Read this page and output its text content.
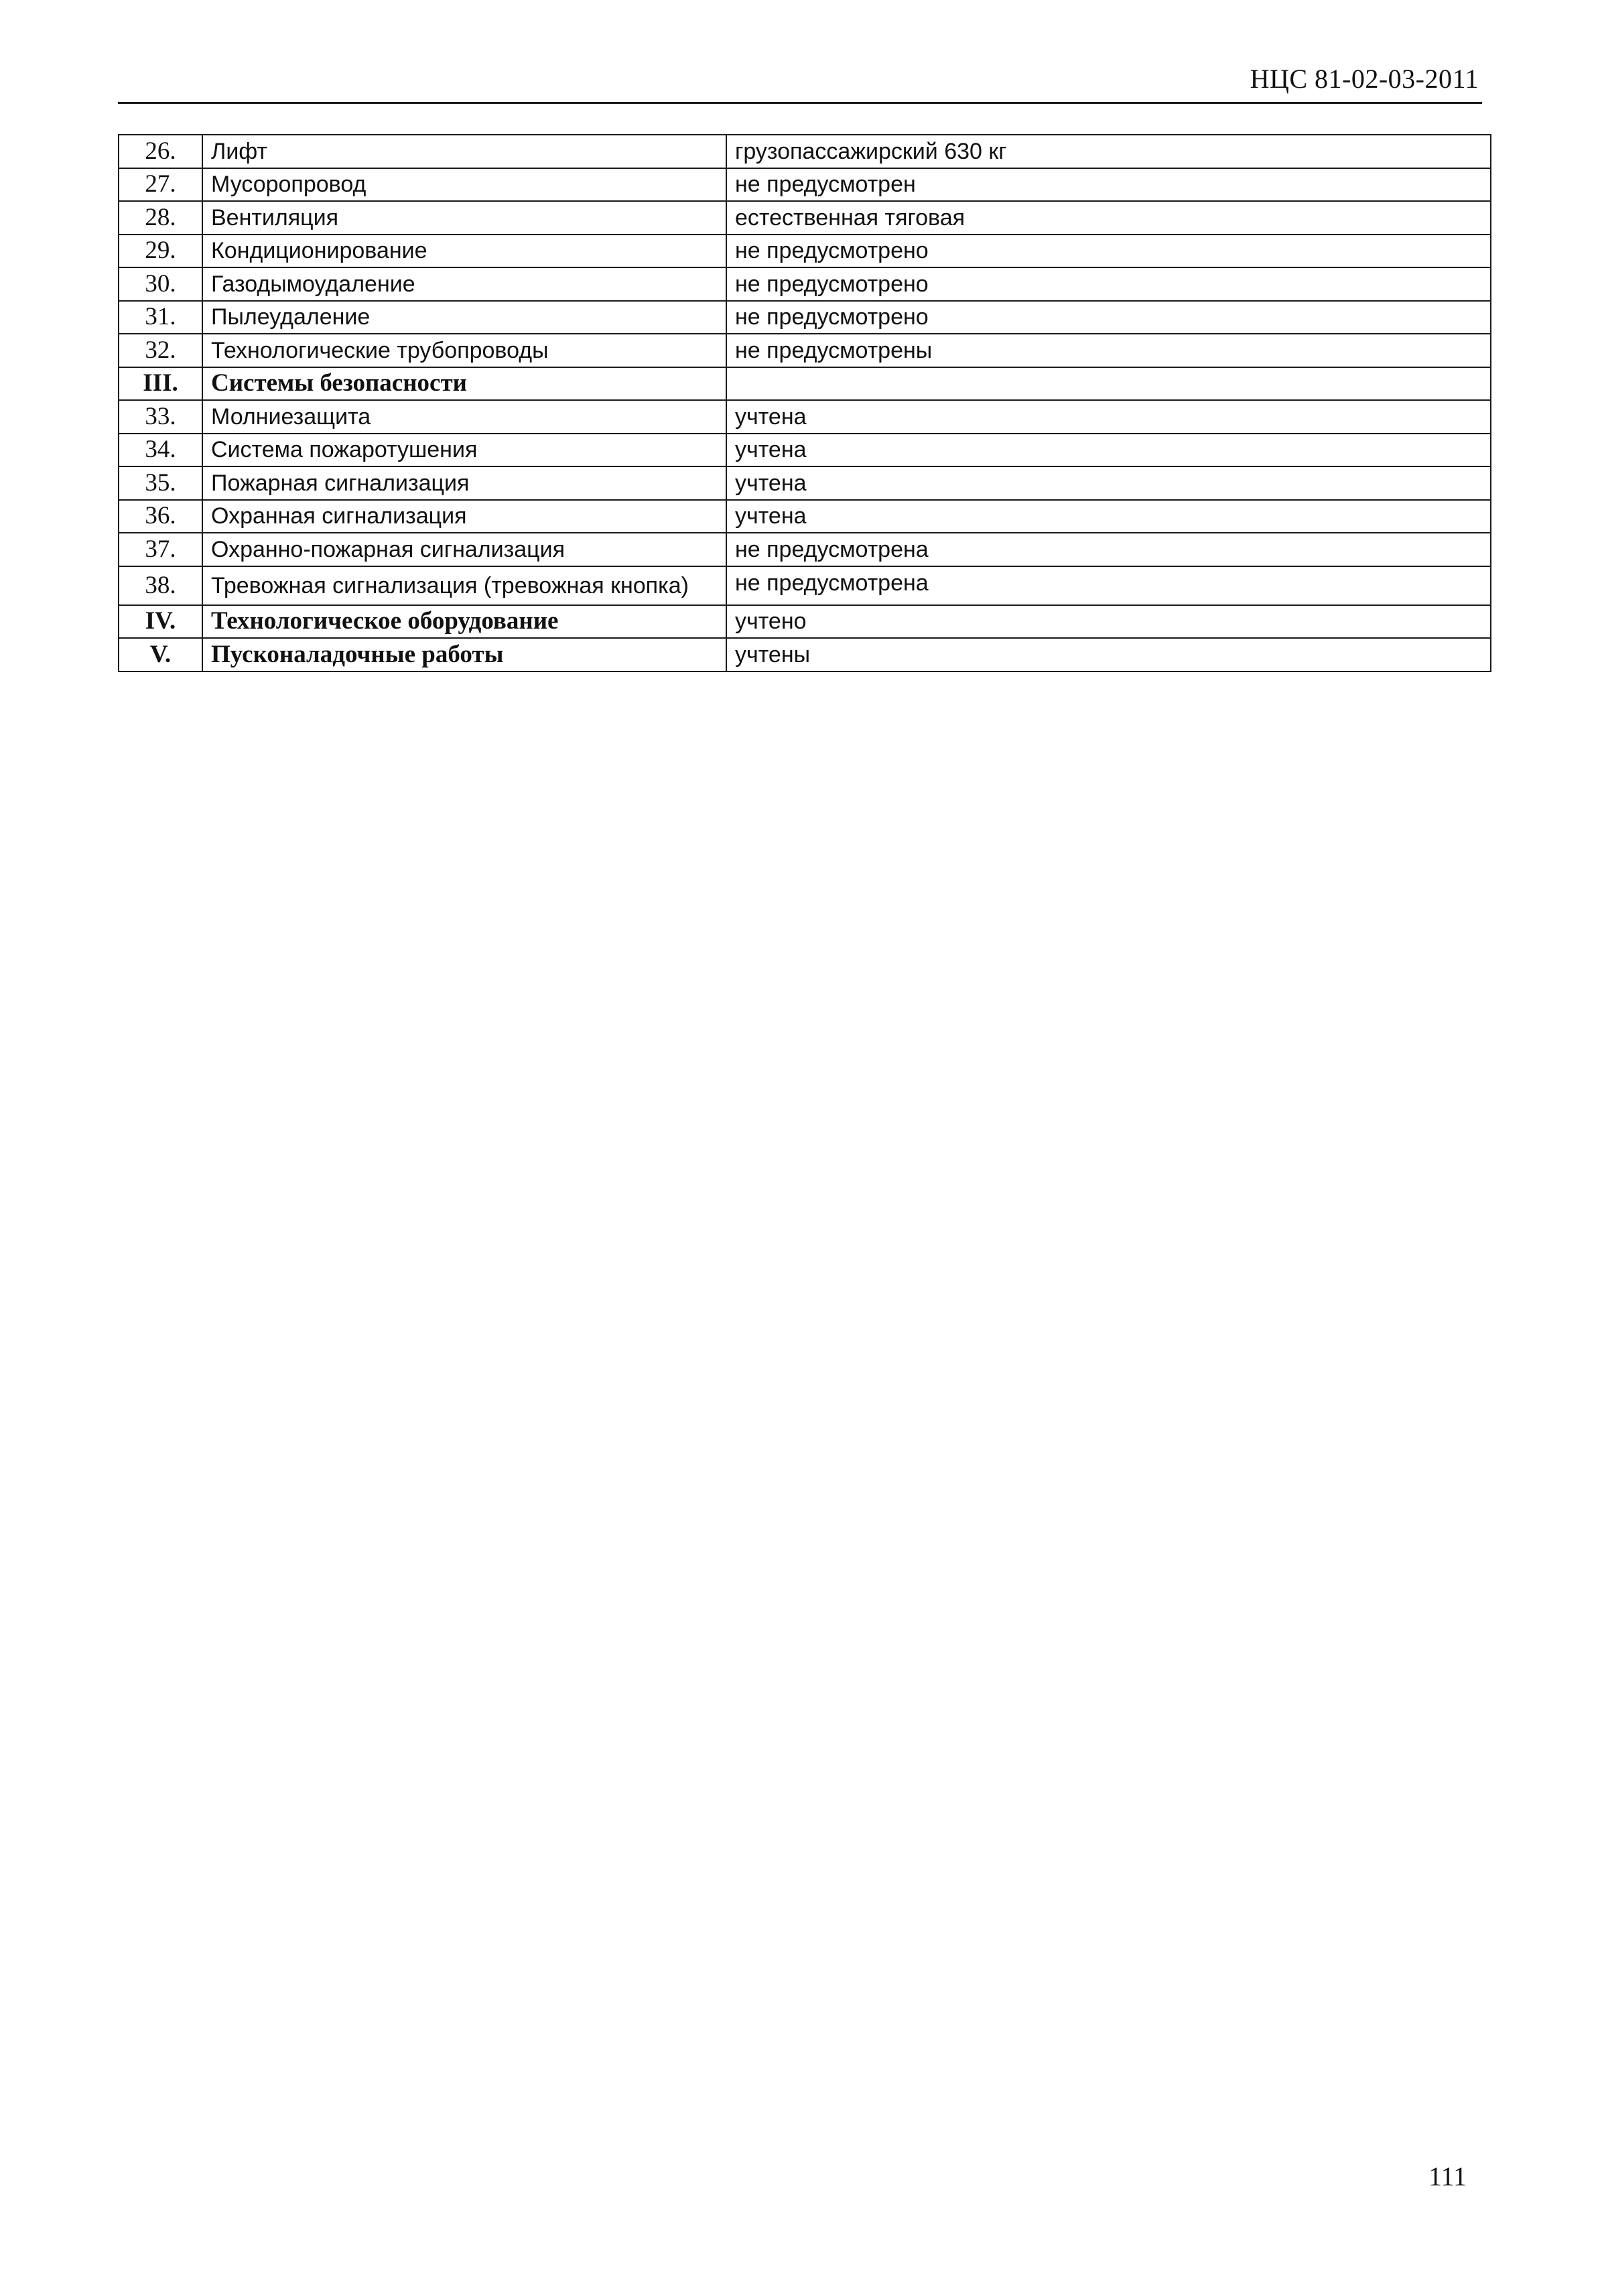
НЦС 81-02-03-2011
26.	Лифт	грузопассажирский 630 кг
27.	Мусоропровод	не предусмотрен
28.	Вентиляция	естественная тяговая
29.	Кондиционирование	не предусмотрено
30.	Газодымоудаление	не предусмотрено
31.	Пылеудаление	не предусмотрено
32.	Технологические трубопроводы	не предусмотрены
III.	Системы безопасности	
33.	Молниезащита	учтена
34.	Система пожаротушения	учтена
35.	Пожарная сигнализация	учтена
36.	Охранная сигнализация	учтена
37.	Охранно-пожарная сигнализация	не предусмотрена
38.	Тревожная сигнализация (тревожная кнопка)	не предусмотрена
IV.	Технологическое оборудование	учтено
V.	Пусконаладочные работы	учтены
111
